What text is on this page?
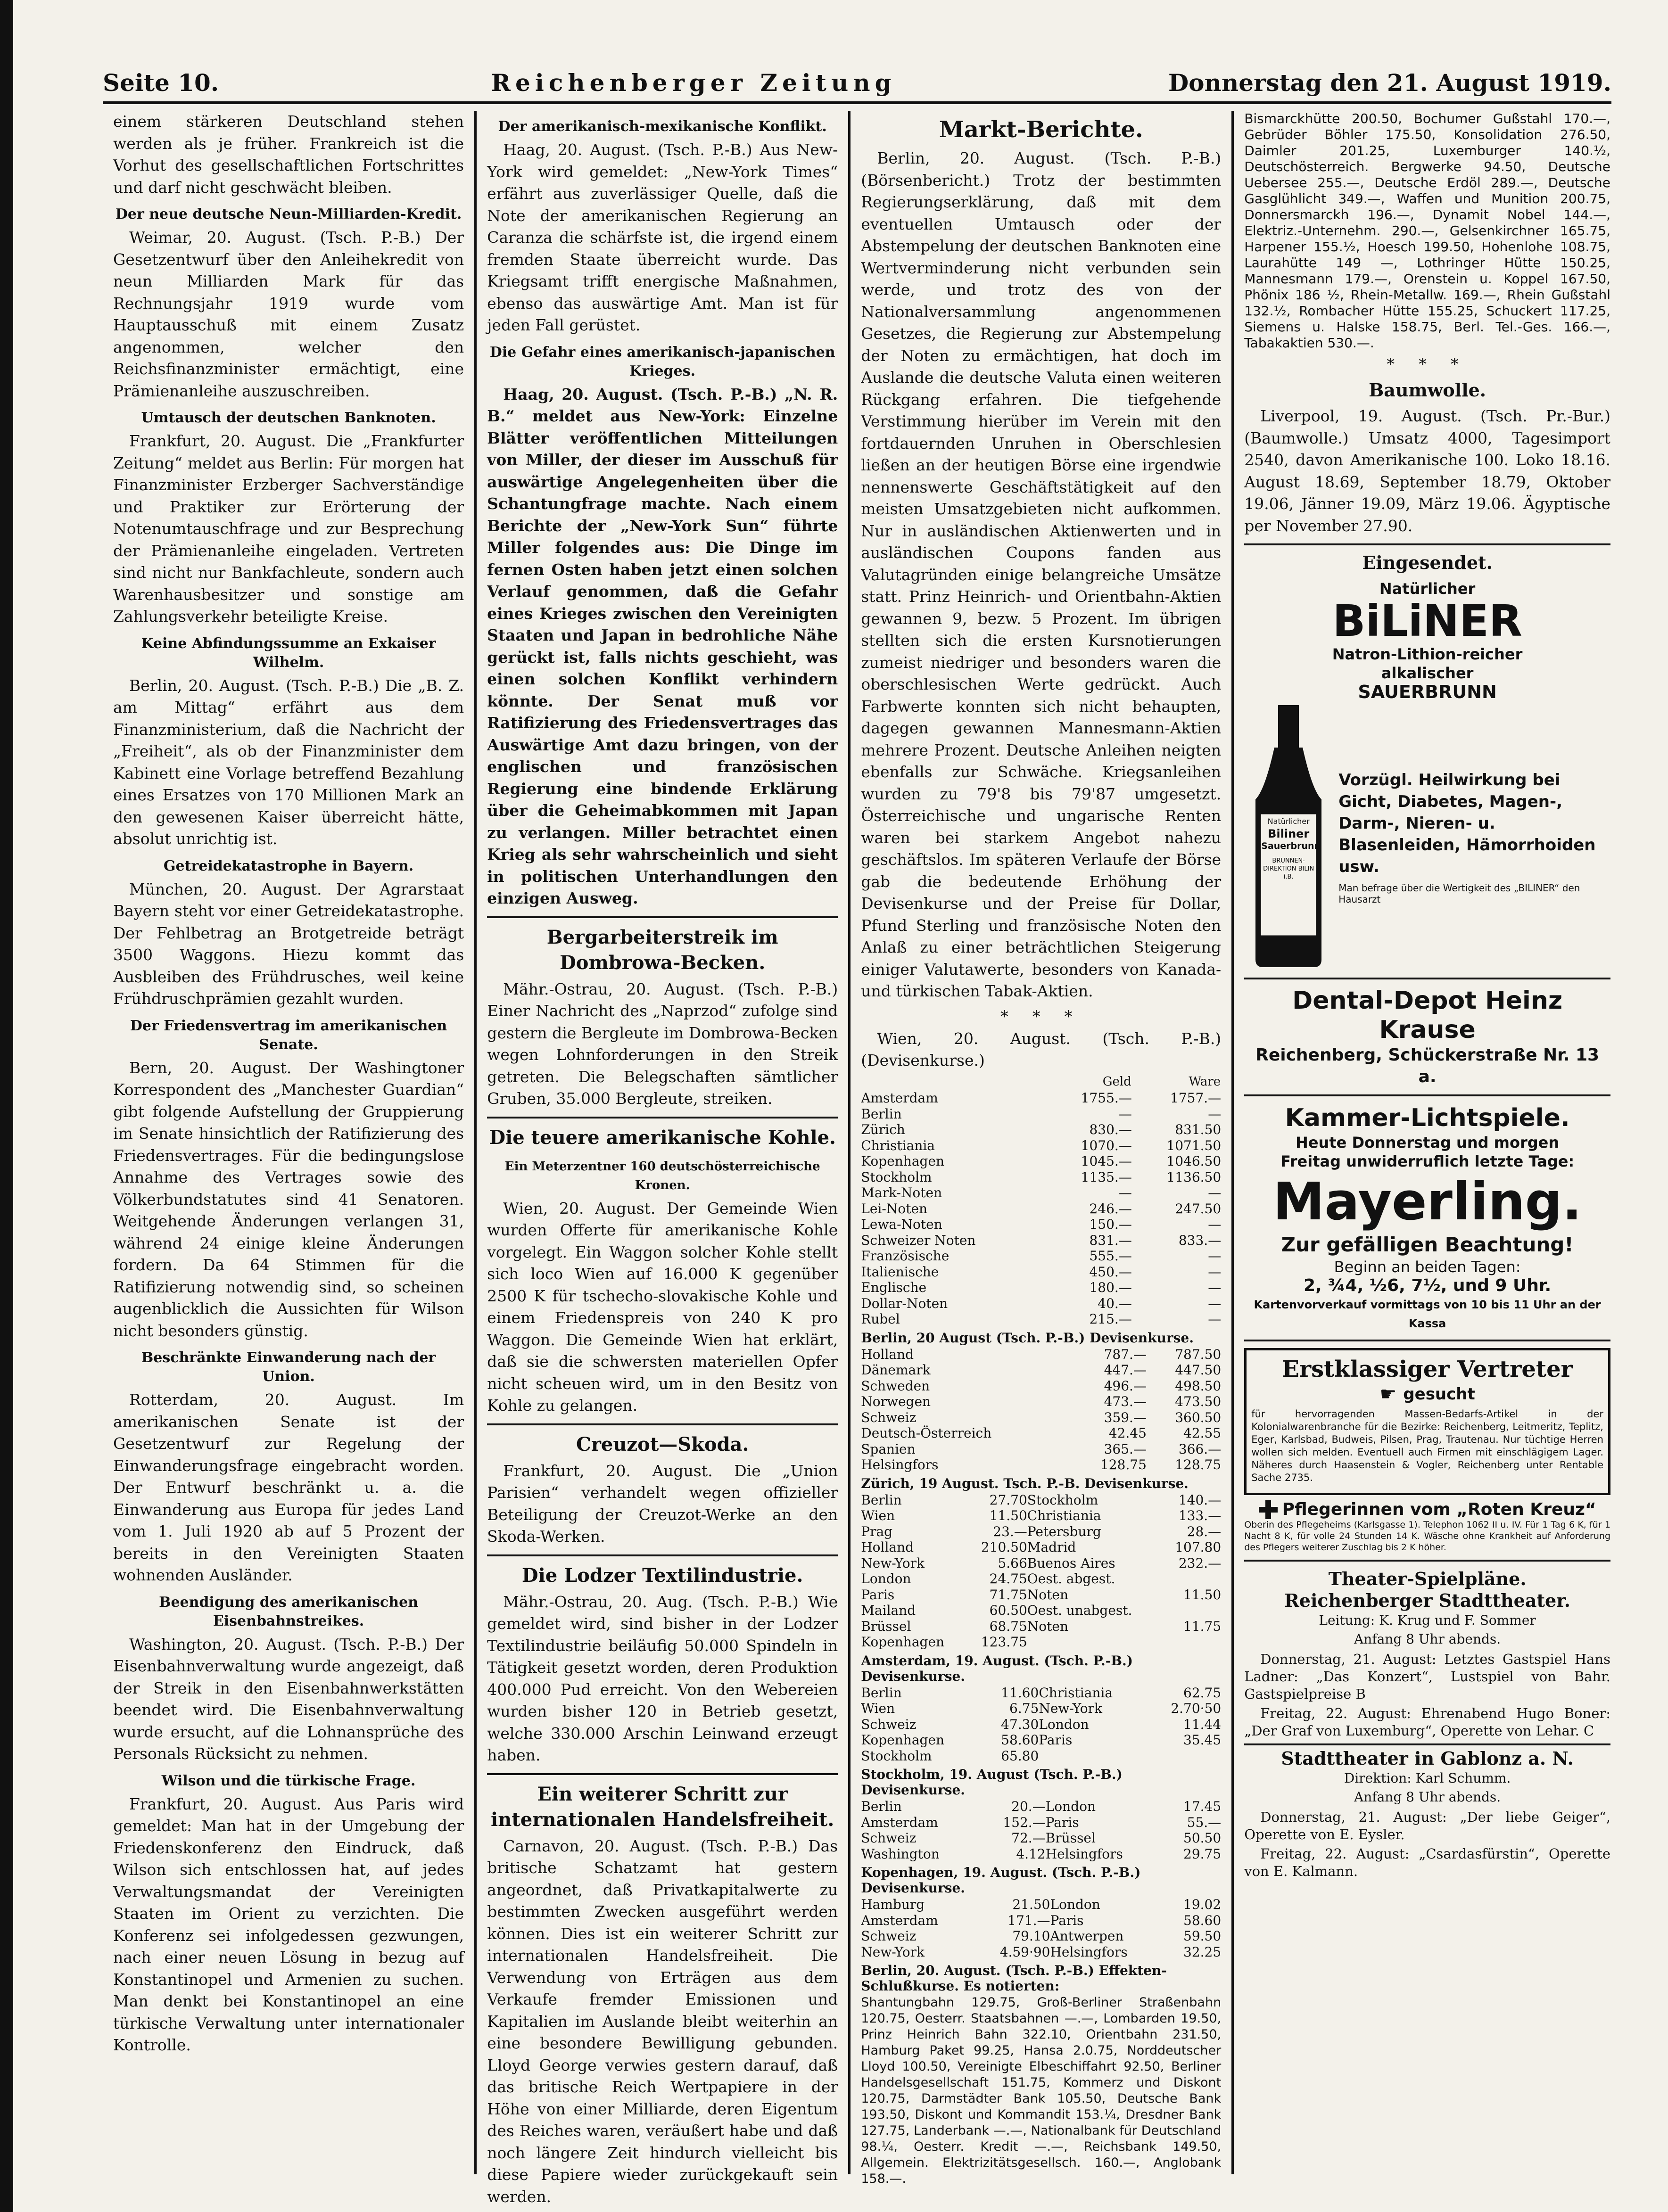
Seite 10.	Reichenberger Zeitung	Donnerstag den 21. August 1919.

einem stärkeren Deutschland stehen werden als je früher. Frankreich ist die Vorhut des gesellschaftlichen Fortschrittes und darf nicht geschwächt bleiben.

Der neue deutsche Neun-Milliarden-Kredit.

Weimar, 20. August. (Tsch. P.-B.) Der Gesetzentwurf über den Anleihekredit von neun Milliarden Mark für das Rechnungsjahr 1919 wurde vom Hauptausschuß mit einem Zusatz angenommen, welcher den Reichsfinanzminister ermächtigt, eine Prämienanleihe auszuschreiben.

Umtausch der deutschen Banknoten.

Frankfurt, 20. August. Die „Frankfurter Zeitung“ meldet aus Berlin: Für morgen hat Finanzminister Erzberger Sachverständige und Praktiker zur Erörterung der Notenumtauschfrage und zur Besprechung der Prämienanleihe eingeladen. Vertreten sind nicht nur Bankfachleute, sondern auch Warenhausbesitzer und sonstige am Zahlungsverkehr beteiligte Kreise.

Keine Abfindungssumme an Exkaiser Wilhelm.

Berlin, 20. August. (Tsch. P.-B.) Die „B. Z. am Mittag“ erfährt aus dem Finanzministerium, daß die Nachricht der „Freiheit“, als ob der Finanzminister dem Kabinett eine Vorlage betreffend Bezahlung eines Ersatzes von 170 Millionen Mark an den gewesenen Kaiser überreicht hätte, absolut unrichtig ist.

Getreidekatastrophe in Bayern.

München, 20. August. Der Agrarstaat Bayern steht vor einer Getreidekatastrophe. Der Fehlbetrag an Brotgetreide beträgt 3500 Waggons. Hiezu kommt das Ausbleiben des Frühdrusches, weil keine Frühdruschprämien gezahlt wurden.

Der Friedensvertrag im amerikanischen Senate.

Bern, 20. August. Der Washingtoner Korrespondent des „Manchester Guardian“ gibt folgende Aufstellung der Gruppierung im Senate hinsichtlich der Ratifizierung des Friedensvertrages. Für die bedingungslose Annahme des Vertrages sowie des Völkerbundstatutes sind 41 Senatoren. Weitgehende Änderungen verlangen 31, während 24 einige kleine Änderungen fordern. Da 64 Stimmen für die Ratifizierung notwendig sind, so scheinen augenblicklich die Aussichten für Wilson nicht besonders günstig.

Beschränkte Einwanderung nach der Union.

Rotterdam, 20. August. Im amerikanischen Senate ist der Gesetzentwurf zur Regelung der Einwanderungsfrage eingebracht worden. Der Entwurf beschränkt u. a. die Einwanderung aus Europa für jedes Land vom 1. Juli 1920 ab auf 5 Prozent der bereits in den Vereinigten Staaten wohnenden Ausländer.

Beendigung des amerikanischen Eisenbahnstreikes.

Washington, 20. August. (Tsch. P.-B.) Der Eisenbahnverwaltung wurde angezeigt, daß der Streik in den Eisenbahnwerkstätten beendet wird. Die Eisenbahnverwaltung wurde ersucht, auf die Lohnansprüche des Personals Rücksicht zu nehmen.

Wilson und die türkische Frage.

Frankfurt, 20. August. Aus Paris wird gemeldet: Man hat in der Umgebung der Friedenskonferenz den Eindruck, daß Wilson sich entschlossen hat, auf jedes Verwaltungsmandat der Vereinigten Staaten im Orient zu verzichten. Die Konferenz sei infolgedessen gezwungen, nach einer neuen Lösung in bezug auf Konstantinopel und Armenien zu suchen. Man denkt bei Konstantinopel an eine türkische Verwaltung unter internationaler Kontrolle.

Der amerikanisch-mexikanische Konflikt.

Haag, 20. August. (Tsch. P.-B.) Aus New-York wird gemeldet: „New-York Times“ erfährt aus zuverlässiger Quelle, daß die Note der amerikanischen Regierung an Caranza die schärfste ist, die irgend einem fremden Staate überreicht wurde. Das Kriegsamt trifft energische Maßnahmen, ebenso das auswärtige Amt. Man ist für jeden Fall gerüstet.

Die Gefahr eines amerikanisch-japanischen Krieges.

Haag, 20. August. (Tsch. P.-B.) „N. R. B.“ meldet aus New-York: Einzelne Blätter veröffentlichen Mitteilungen von Miller, der dieser im Ausschuß für auswärtige Angelegenheiten über die Schantungfrage machte. Nach einem Berichte der „New-York Sun“ führte Miller folgendes aus: Die Dinge im fernen Osten haben jetzt einen solchen Verlauf genommen, daß die Gefahr eines Krieges zwischen den Vereinigten Staaten und Japan in bedrohliche Nähe gerückt ist, falls nichts geschieht, was einen solchen Konflikt verhindern könnte. Der Senat muß vor Ratifizierung des Friedensvertrages das Auswärtige Amt dazu bringen, von der englischen und französischen Regierung eine bindende Erklärung über die Geheimabkommen mit Japan zu verlangen. Miller betrachtet einen Krieg als sehr wahrscheinlich und sieht in politischen Unterhandlungen den einzigen Ausweg.

Bergarbeiterstreik im Dombrowa-Becken.

Mähr.-Ostrau, 20. August. (Tsch. P.-B.) Einer Nachricht des „Naprzod“ zufolge sind gestern die Bergleute im Dombrowa-Becken wegen Lohnforderungen in den Streik getreten. Die Belegschaften sämtlicher Gruben, 35.000 Bergleute, streiken.

Die teuere amerikanische Kohle.
Ein Meterzentner 160 deutschösterreichische Kronen.

Wien, 20. August. Der Gemeinde Wien wurden Offerte für amerikanische Kohle vorgelegt. Ein Waggon solcher Kohle stellt sich loco Wien auf 16.000 K gegenüber 2500 K für tschecho-slovakische Kohle und einem Friedenspreis von 240 K pro Waggon. Die Gemeinde Wien hat erklärt, daß sie die schwersten materiellen Opfer nicht scheuen wird, um in den Besitz von Kohle zu gelangen.

Creuzot—Skoda.

Frankfurt, 20. August. Die „Union Parisien“ verhandelt wegen offizieller Beteiligung der Creuzot-Werke an den Skoda-Werken.

Die Lodzer Textilindustrie.

Mähr.-Ostrau, 20. Aug. (Tsch. P.-B.) Wie gemeldet wird, sind bisher in der Lodzer Textilindustrie beiläufig 50.000 Spindeln in Tätigkeit gesetzt worden, deren Produktion 400.000 Pud erreicht. Von den Webereien wurden bisher 120 in Betrieb gesetzt, welche 330.000 Arschin Leinwand erzeugt haben.

Ein weiterer Schritt zur internationalen Handelsfreiheit.

Carnavon, 20. August. (Tsch. P.-B.) Das britische Schatzamt hat gestern angeordnet, daß Privatkapitalwerte zu bestimmten Zwecken ausgeführt werden können. Dies ist ein weiterer Schritt zur internationalen Handelsfreiheit. Die Verwendung von Erträgen aus dem Verkaufe fremder Emissionen und Kapitalien im Auslande bleibt weiterhin an eine besondere Bewilligung gebunden. Lloyd George verwies gestern darauf, daß das britische Reich Wertpapiere in der Höhe von einer Milliarde, deren Eigentum des Reiches waren, veräußert habe und daß noch längere Zeit hindurch vielleicht bis diese Papiere wieder zurückgekauft sein werden.

Markt-Berichte.

Berlin, 20. August. (Tsch. P.-B.) (Börsenbericht.) Trotz der bestimmten Regierungserklärung, daß mit dem eventuellen Umtausch oder der Abstempelung der deutschen Banknoten eine Wertverminderung nicht verbunden sein werde, und trotz des von der Nationalversammlung angenommenen Gesetzes, die Regierung zur Abstempelung der Noten zu ermächtigen, hat doch im Auslande die deutsche Valuta einen weiteren Rückgang erfahren. Die tiefgehende Verstimmung hierüber im Verein mit den fortdauernden Unruhen in Oberschlesien ließen an der heutigen Börse eine irgendwie nennenswerte Geschäftstätigkeit auf den meisten Umsatzgebieten nicht aufkommen. Nur in ausländischen Aktienwerten und in ausländischen Coupons fanden aus Valutagründen einige belangreiche Umsätze statt. Prinz Heinrich- und Orientbahn-Aktien gewannen 9, bezw. 5 Prozent. Im übrigen stellten sich die ersten Kursnotierungen zumeist niedriger und besonders waren die oberschlesischen Werte gedrückt. Auch Farbwerte konnten sich nicht behaupten, dagegen gewannen Mannesmann-Aktien mehrere Prozent. Deutsche Anleihen neigten ebenfalls zur Schwäche. Kriegsanleihen wurden zu 79'8 bis 79'87 umgesetzt. Österreichische und ungarische Renten waren bei starkem Angebot nahezu geschäftslos. Im späteren Verlaufe der Börse gab die bedeutende Erhöhung der Devisenkurse und der Preise für Dollar, Pfund Sterling und französische Noten den Anlaß zu einer beträchtlichen Steigerung einiger Valutawerte, besonders von Kanada- und türkischen Tabak-Aktien.

* * *

Wien, 20. August. (Tsch. P.-B.) (Devisenkurse.)

	Geld	Ware
Amsterdam	1755.—	1757.—
Berlin	—	—
Zürich	830.—	831.50
Christiania	1070.—	1071.50
Kopenhagen	1045.—	1046.50
Stockholm	1135.—	1136.50
Mark-Noten	—	—
Lei-Noten	246.—	247.50
Lewa-Noten	150.—	—
Schweizer Noten	831.—	833.—
Französische	555.—	—
Italienische	450.—	—
Englische	180.—	—
Dollar-Noten	40.—	—
Rubel	215.—	—
Berlin, 20 August (Tsch. P.-B.) Devisenkurse.
Holland	787.—	787.50
Dänemark	447.—	447.50
Schweden	496.—	498.50
Norwegen	473.—	473.50
Schweiz	359.—	360.50
Deutsch-Österreich	42.45	42.55
Spanien	365.—	366.—
Helsingfors	128.75	128.75
Zürich, 19 August. Tsch. P.-B. Devisenkurse.
Berlin	27.70	Stockholm	140.—
Wien	11.50	Christiania	133.—
Prag	23.—	Petersburg	28.—
Holland	210.50	Madrid	107.80
New-York	5.66	Buenos Aires	232.—
London	24.75	Oest. abgest.	
Paris	71.75	Noten	11.50
Mailand	60.50	Oest. unabgest.	
Brüssel	68.75	Noten	11.75
Kopenhagen	123.75		
Amsterdam, 19. August. (Tsch. P.-B.) Devisenkurse.
Berlin	11.60	Christiania	62.75
Wien	6.75	New-York	2.70·50
Schweiz	47.30	London	11.44
Kopenhagen	58.60	Paris	35.45
Stockholm	65.80		
Stockholm, 19. August (Tsch. P.-B.) Devisenkurse.
Berlin	20.—	London	17.45
Amsterdam	152.—	Paris	55.—
Schweiz	72.—	Brüssel	50.50
Washington	4.12	Helsingfors	29.75
Kopenhagen, 19. August. (Tsch. P.-B.) Devisenkurse.
Hamburg	21.50	London	19.02
Amsterdam	171.—	Paris	58.60
Schweiz	79.10	Antwerpen	59.50
New-York	4.59·90	Helsingfors	32.25
Berlin, 20. August. (Tsch. P.-B.) Effekten-Schlußkurse. Es notierten:
Shantungbahn 129.75, Groß-Berliner Straßenbahn 120.75, Oesterr. Staatsbahnen —.—, Lombarden 19.50, Prinz Heinrich Bahn 322.10, Orientbahn 231.50, Hamburg Paket 99.25, Hansa 2.0.75, Norddeutscher Lloyd 100.50, Vereinigte Elbeschiffahrt 92.50, Berliner Handelsgesellschaft 151.75, Kommerz und Diskont 120.75, Darmstädter Bank 105.50, Deutsche Bank 193.50, Diskont und Kommandit 153.¼, Dresdner Bank 127.75, Landerbank —.—, Nationalbank für Deutschland 98.¼, Oesterr. Kredit —.—, Reichsbank 149.50, Allgemein. Elektrizitätsgesellsch. 160.—, Anglobank 158.—.
Bismarckhütte 200.50, Bochumer Gußstahl 170.—, Gebrüder Böhler 175.50, Konsolidation 276.50, Daimler 201.25, Luxemburger 140.½, Deutschösterreich. Bergwerke 94.50, Deutsche Uebersee 255.—, Deutsche Erdöl 289.—, Deutsche Gasglühlicht 349.—, Waffen und Munition 200.75, Donnersmarckh 196.—, Dynamit Nobel 144.—, Elektriz.-Unternehm. 290.—, Gelsenkirchner 165.75, Harpener 155.½, Hoesch 199.50, Hohenlohe 108.75, Laurahütte 149 —, Lothringer Hütte 150.25, Mannesmann 179.—, Orenstein u. Koppel 167.50, Phönix 186 ½, Rhein-Metallw. 169.—, Rhein Gußstahl 132.½, Rombacher Hütte 155.25, Schuckert 117.25, Siemens u. Halske 158.75, Berl. Tel.-Ges. 166.—, Tabakaktien 530.—.
* * *
Baumwolle.

Liverpool, 19. August. (Tsch. Pr.-Bur.) (Baumwolle.) Umsatz 4000, Tagesimport 2540, davon Amerikanische 100. Loko 18.16. August 18.69, September 18.79, Oktober 19.06, Jänner 19.09, März 19.06. Ägyptische per November 27.90.

Eingesendet.
Natürlicher
BiLiNER
Natron-Lithion-reicher
alkalischer
SAUERBRUNN
Natürlicher
Biliner
Sauerbrunn
BRUNNEN-DIREKTION BILIN i.B.
Vorzügl. Heilwirkung bei Gicht, Diabetes, Magen-, Darm-, Nieren- u. Blasenleiden, Hämorrhoiden usw.
Man befrage über die Wertigkeit des „BILINER“ den Hausarzt
Dental-Depot Heinz Krause
Reichenberg, Schückerstraße Nr. 13 a.
Kammer-Lichtspiele.
Heute Donnerstag und morgen
Freitag unwiderruflich letzte Tage:
Mayerling.
Zur gefälligen Beachtung!
Beginn an beiden Tagen:
2, ¾4, ½6, 7½, und 9 Uhr.
Kartenvorverkauf vormittags von 10 bis 11 Uhr an der Kassa
Erstklassiger Vertreter
☛ gesucht
für hervorragenden Massen-Bedarfs-Artikel in der Kolonialwarenbranche für die Bezirke: Reichenberg, Leitmeritz, Teplitz, Eger, Karlsbad, Budweis, Pilsen, Prag, Trautenau. Nur tüchtige Herren wollen sich melden. Eventuell auch Firmen mit einschlägigem Lager. Näheres durch Haasenstein & Vogler, Reichenberg unter Rentable Sache 2735.
Pflegerinnen vom „Roten Kreuz“
Oberin des Pflegeheims (Karlsgasse 1). Telephon 1062 II u. IV. Für 1 Tag 6 K, für 1 Nacht 8 K, für volle 24 Stunden 14 K. Wäsche ohne Krankheit auf Anforderung des Pflegers weiterer Zuschlag bis 2 K höher.
Theater-Spielpläne.
Reichenberger Stadttheater.
Leitung: K. Krug und F. Sommer
Anfang 8 Uhr abends.

Donnerstag, 21. August: Letztes Gastspiel Hans Ladner: „Das Konzert“, Lustspiel von Bahr. Gastspielpreise B

Freitag, 22. August: Ehrenabend Hugo Boner: „Der Graf von Luxemburg“, Operette von Lehar. C

Stadttheater in Gablonz a. N.
Direktion: Karl Schumm.
Anfang 8 Uhr abends.

Donnerstag, 21. August: „Der liebe Geiger“, Operette von E. Eysler.

Freitag, 22. August: „Csardasfürstin“, Operette von E. Kalmann.
